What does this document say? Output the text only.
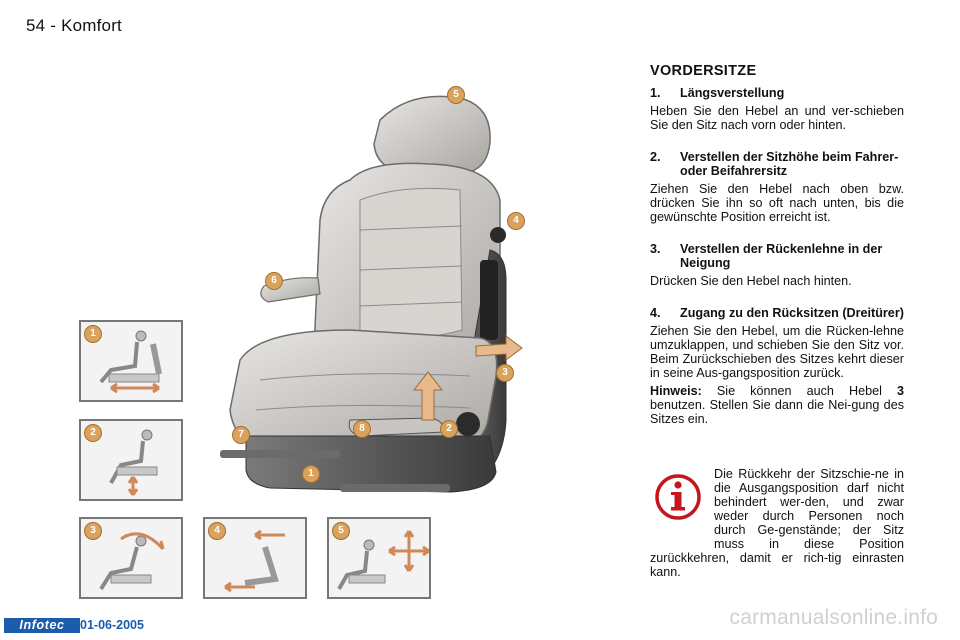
54 - Komfort
5
4
6
3
8	2
7
1
1
2
3	4	5
VORDERSITZE
1.	Längsverstellung

Heben Sie den Hebel an und ver-schieben Sie den Sitz nach vorn oder hinten.

2.	Verstellen der Sitzhöhe beim Fahrer- oder Beifahrersitz

Ziehen Sie den Hebel nach oben bzw. drücken Sie ihn so oft nach unten, bis die gewünschte Position erreicht ist.

3.	Verstellen der Rückenlehne in der Neigung

Drücken Sie den Hebel nach hinten.

4.	Zugang zu den Rücksitzen (Dreitürer)

Ziehen Sie den Hebel, um die Rücken-lehne umzuklappen, und schieben Sie den Sitz vor. Beim Zurückschieben des Sitzes kehrt dieser in seine Aus-gangsposition zurück.

Hinweis: Sie können auch Hebel 3 benutzen. Stellen Sie dann die Nei-gung des Sitzes ein.

Die Rückkehr der Sitzschie-ne in die Ausgangsposition darf nicht behindert wer-den, und zwar weder durch Personen noch durch Ge-genstände; der Sitz muss in diese Position zurückkehren, damit er rich-tig einrasten kann.
Infotec	01-06-2005	carmanualsonline.info
